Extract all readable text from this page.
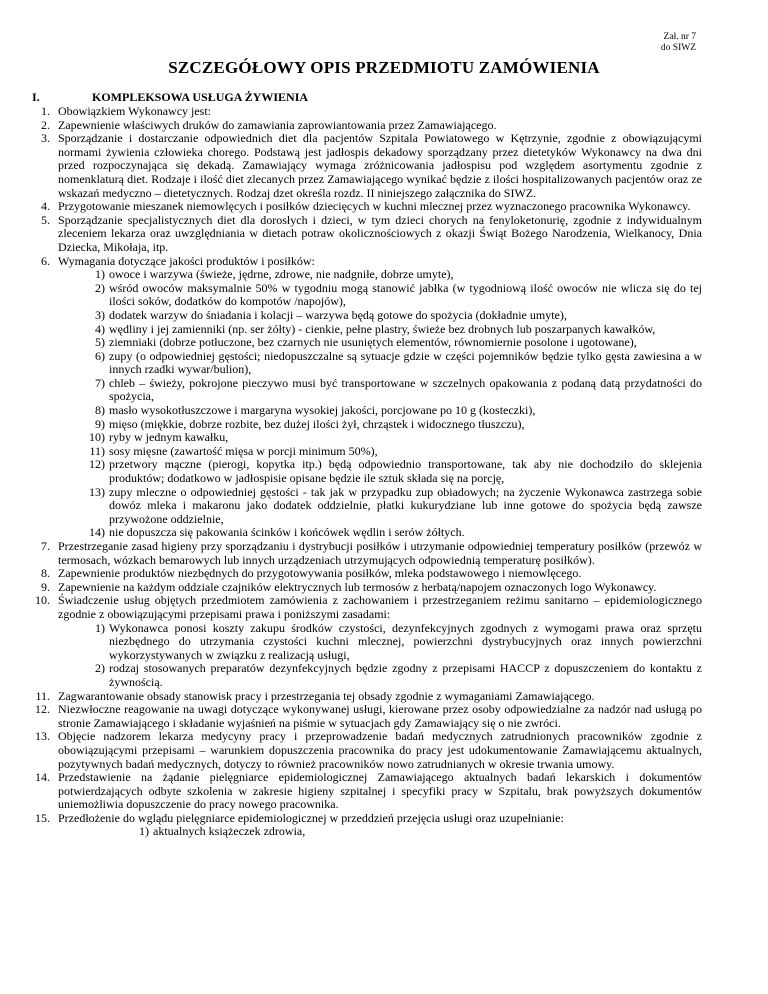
Zał. nr 7
do SIWZ
SZCZEGÓŁOWY OPIS PRZEDMIOTU ZAMÓWIENIA
I.	KOMPLEKSOWA USŁUGA ŻYWIENIA
1. Obowiązkiem Wykonawcy jest:
2. Zapewnienie właściwych druków do zamawiania zaprowiantowania przez Zamawiającego.
3. Sporządzanie i dostarczanie odpowiednich diet dla pacjentów Szpitala Powiatowego w Kętrzynie, zgodnie z obowiązującymi normami żywienia człowieka chorego. Podstawą jest jadłospis dekadowy sporządzany przez dietetyków Wykonawcy na dwa dni przed rozpoczynająca się dekadą. Zamawiający wymaga zróżnicowania jadłospisu pod względem asortymentu zgodnie z nomenklaturą diet. Rodzaje i ilość diet zlecanych przez Zamawiającego wynikać będzie z ilości hospitalizowanych pacjentów oraz ze wskazań medyczno – dietetycznych. Rodzaj dzet określa rozdz. II niniejszego załącznika do SIWZ.
4. Przygotowanie mieszanek niemowlęcych i posiłków dziecięcych w kuchni mlecznej przez wyznaczonego pracownika Wykonawcy.
5. Sporządzanie specjalistycznych diet dla dorosłych i dzieci, w tym dzieci chorych na fenyloketonurię, zgodnie z indywidualnym zleceniem lekarza oraz uwzględniania w dietach potraw okolicznościowych z okazji Świąt Bożego Narodzenia, Wielkanocy, Dnia Dziecka, Mikołaja, itp.
6. Wymagania dotyczące jakości produktów i posiłków:
1) owoce i warzywa (świeże, jędrne, zdrowe, nie nadgniłe, dobrze umyte),
2) wśród owoców maksymalnie 50% w tygodniu mogą stanowić jabłka (w tygodniową ilość owoców nie wlicza się do tej ilości soków, dodatków do kompotów /napojów),
3) dodatek warzyw do śniadania i kolacji – warzywa będą gotowe do spożycia (dokładnie umyte),
4) wędliny i jej zamienniki (np. ser żółty) - cienkie, pełne plastry, świeże bez drobnych lub poszarpanych kawałków,
5) ziemniaki (dobrze potłuczone, bez czarnych nie usuniętych elementów, równomiernie posolone i ugotowane),
6) zupy (o odpowiedniej gęstości; niedopuszczalne są sytuacje gdzie w części pojemników będzie tylko gęsta zawiesina a w innych rzadki wywar/bulion),
7) chleb – świeży, pokrojone pieczywo musi być transportowane w szczelnych opakowania z podaną datą przydatności do spożycia,
8) masło wysokotłuszczowe i margaryna wysokiej jakości, porcjowane po 10 g (kosteczki),
9) mięso (miękkie, dobrze rozbite, bez dużej ilości żył, chrząstek i widocznego tłuszczu),
10) ryby w jednym kawałku,
11) sosy mięsne (zawartość mięsa w porcji minimum 50%),
12) przetwory mączne (pierogi, kopytka itp.) będą odpowiednio transportowane, tak aby nie dochodziło do sklejenia produktów; dodatkowo w jadłospisie opisane będzie ile sztuk składa się na porcję,
13) zupy mleczne o odpowiedniej gęstości - tak jak w przypadku zup obiadowych; na życzenie Wykonawca zastrzega sobie dowóz mleka i makaronu jako dodatek oddzielnie, płatki kukurydziane lub inne gotowe do spożycia będą zawsze przywożone oddzielnie,
14) nie dopuszcza się pakowania ścinków i końcówek wędlin i serów żółtych.
7. Przestrzeganie zasad higieny przy sporządzaniu i dystrybucji posiłków i utrzymanie odpowiedniej temperatury posiłków (przewóz w termosach, wózkach bemarowych lub innych urządzeniach utrzymujących odpowiednią temperaturę posiłków).
8. Zapewnienie produktów niezbędnych do przygotowywania posiłków, mleka podstawowego i niemowlęcego.
9. Zapewnienie na każdym oddziale czajników elektrycznych lub termosów z herbatą/napojem oznaczonych logo Wykonawcy.
10. Świadczenie usług objętych przedmiotem zamówienia z zachowaniem i przestrzeganiem reżimu sanitarno – epidemiologicznego zgodnie z obowiązującymi przepisami prawa i poniższymi zasadami:
1) Wykonawca ponosi koszty zakupu środków czystości, dezynfekcyjnych zgodnych z wymogami prawa oraz sprzętu niezbędnego do utrzymania czystości kuchni mlecznej, powierzchni dystrybucyjnych oraz innych powierzchni wykorzystywanych w związku z realizacją usługi,
2) rodzaj stosowanych preparatów dezynfekcyjnych będzie zgodny z przepisami HACCP z dopuszczeniem do kontaktu z żywnością.
11. Zagwarantowanie obsady stanowisk pracy i przestrzegania tej obsady zgodnie z wymaganiami Zamawiającego.
12. Niezwłoczne reagowanie na uwagi dotyczące wykonywanej usługi, kierowane przez osoby odpowiedzialne za nadzór nad usługą po stronie Zamawiającego i składanie wyjaśnień na piśmie w sytuacjach gdy Zamawiający się o nie zwróci.
13. Objęcie nadzorem lekarza medycyny pracy i przeprowadzenie badań medycznych zatrudnionych pracowników zgodnie z obowiązującymi przepisami – warunkiem dopuszczenia pracownika do pracy jest udokumentowanie Zamawiającemu aktualnych, pozytywnych badań medycznych, dotyczy to również pracowników nowo zatrudnianych w okresie trwania umowy.
14. Przedstawienie na żądanie pielęgniarce epidemiologicznej Zamawiającego aktualnych badań lekarskich i dokumentów potwierdzających odbyte szkolenia w zakresie higieny szpitalnej i specyfiki pracy w Szpitalu, brak powyższych dokumentów uniemożliwia dopuszczenie do pracy nowego pracownika.
15. Przedłożenie do wglądu pielęgniarce epidemiologicznej w przeddzień przejęcia usługi oraz uzupełnianie:
1) aktualnych książeczek zdrowia,
